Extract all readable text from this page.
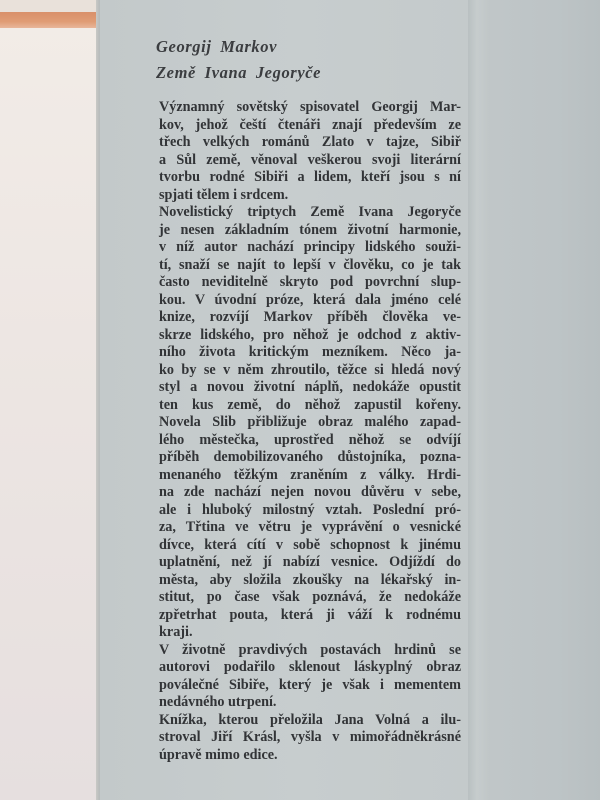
Georgij Markov
Země Ivana Jegoryče
Významný sovětský spisovatel Georgij Mar-
kov, jehož čeští čtenáři znají především ze
třech velkých románů Zlato v tajze, Sibiř
a Sůl země, věnoval veškerou svoji literární
tvorbu rodné Sibiři a lidem, kteří jsou s ní
spjati tělem i srdcem.
Novelistický triptych Země Ivana Jegoryče
je nesen základním tónem životní harmonie,
v níž autor nachází principy lidského souži-
tí, snaží se najít to lepší v člověku, co je tak
často neviditelně skryto pod povrchní slup-
kou. V úvodní próze, která dala jméno celé
knize, rozvíjí Markov příběh člověka ve-
skrze lidského, pro něhož je odchod z aktiv-
ního života kritickým mezníkem. Něco ja-
ko by se v něm zhroutilo, těžce si hledá nový
styl a novou životní náplň, nedokáže opustit
ten kus země, do něhož zapustil kořeny.
Novela Slib přibližuje obraz malého zapad-
lého městečka, uprostřed něhož se odvíjí
příběh demobilizovaného důstojníka, pozna-
menaného těžkým zraněním z války. Hrdi-
na zde nachází nejen novou důvěru v sebe,
ale i hluboký milostný vztah. Poslední pró-
za, Třtina ve větru je vyprávění o vesnické
dívce, která cítí v sobě schopnost k jinému
uplatnění, než jí nabízí vesnice. Odjíždí do
města, aby složila zkoušky na lékařský in-
stitut, po čase však poznává, že nedokáže
zpřetrhat pouta, která ji váží k rodnému
kraji.
V životně pravdivých postavách hrdinů se
autorovi podařilo sklenout láskyplný obraz
poválečné Sibiře, který je však i mementem
nedávného utrpení.
Knížka, kterou přeložila Jana Volná a ilu-
stroval Jiří Krásl, vyšla v mimořádněkrásné
úpravě mimo edice.
